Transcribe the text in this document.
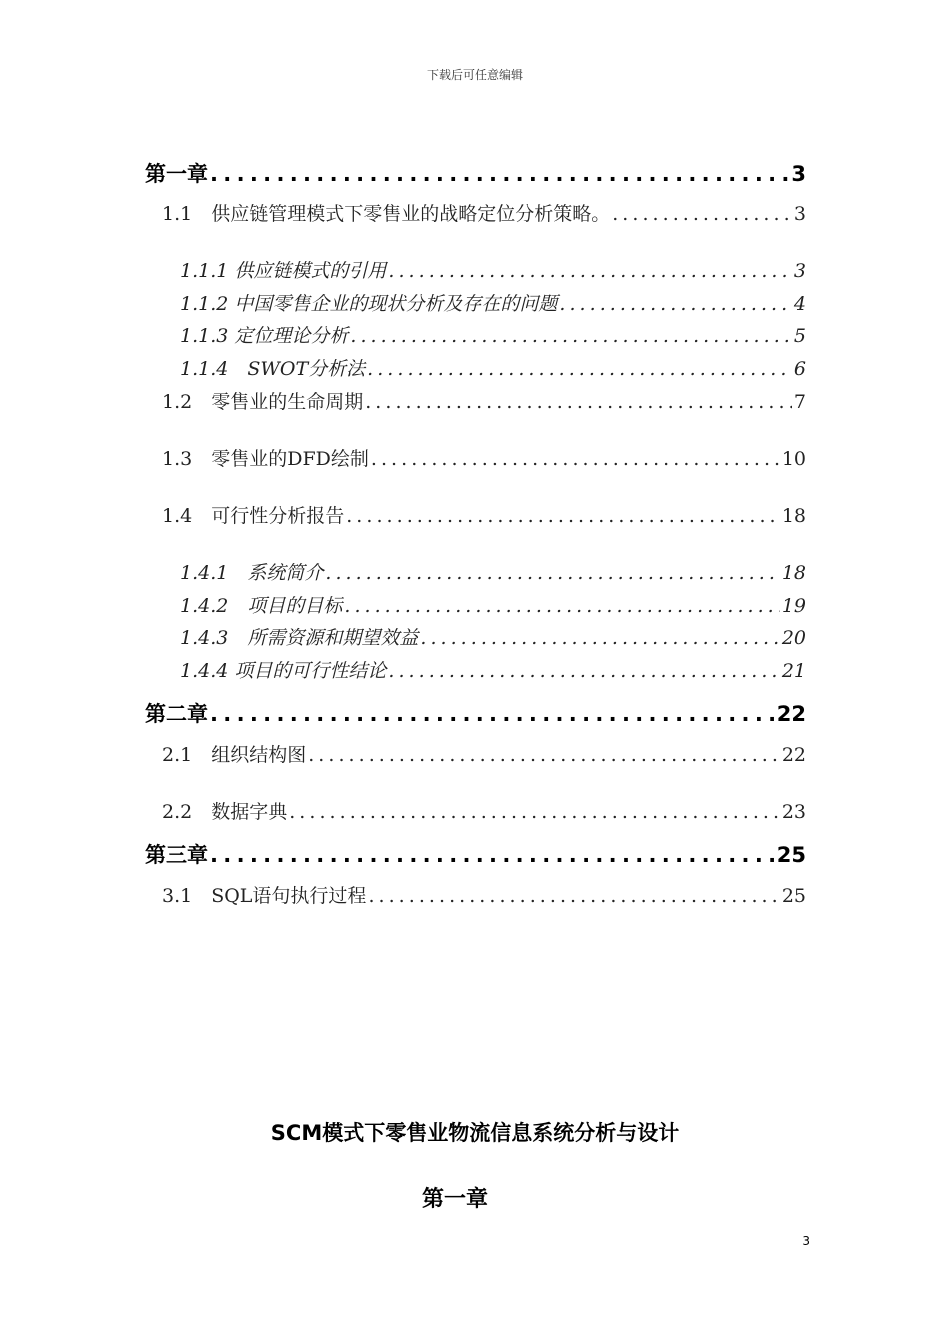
下载后可任意编辑
第一章 . . .	3
1.1　供应链管理模式下零售业的战略定位分析策略。 . . .	3
1.1.1 供应链模式的引用 . . .	3
1.1.2 中国零售企业的现状分析及存在的问题 . . .	4
1.1.3 定位理论分析 . . .	5
1.1.4　SWOT分析法 . . .	6
1.2　零售业的生命周期 . . .	7
1.3　零售业的DFD绘制 . . .	10
1.4　可行性分析报告 . . .	18
1.4.1　系统简介 . . .	18
1.4.2　项目的目标 . . .	19
1.4.3　所需资源和期望效益 . . .	20
1.4.4 项目的可行性结论 . . .	21
第二章 . . .	22
2.1　组织结构图 . . .	22
2.2　数据字典 . . .	23
第三章 . . .	25
3.1　SQL语句执行过程 . . .	25
SCM模式下零售业物流信息系统分析与设计
第一章
3
